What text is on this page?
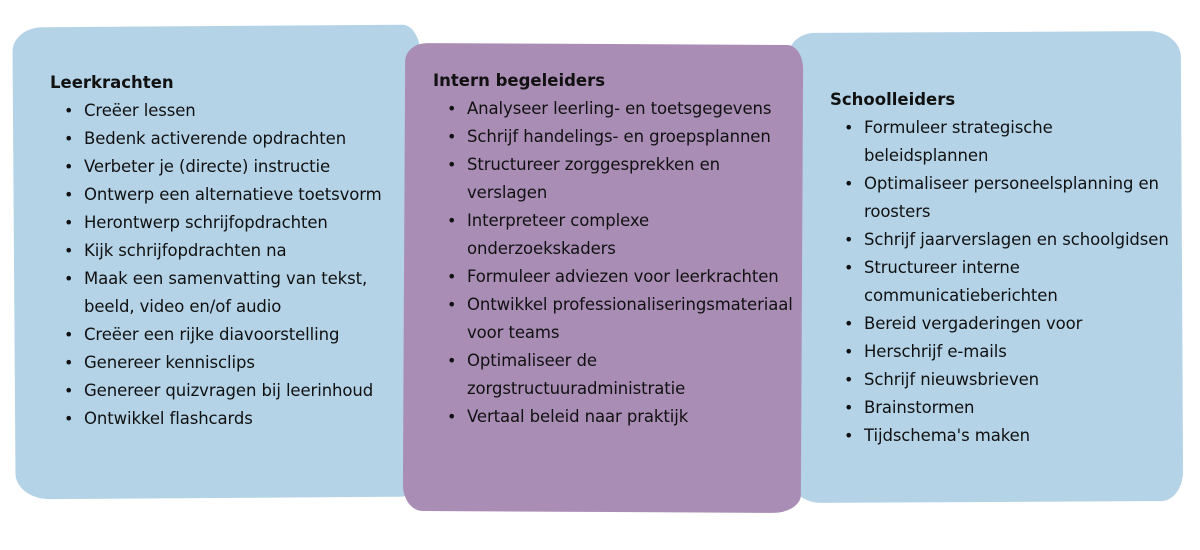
Leerkrachten
• Creëer lessen
• Bedenk activerende opdrachten
• Verbeter je (directe) instructie
• Ontwerp een alternatieve toetsvorm
• Herontwerp schrijfopdrachten
• Kijk schrijfopdrachten na
• Maak een samenvatting van tekst, beeld, video en/of audio
• Creëer een rijke diavoorstelling
• Genereer kennisclips
• Genereer quizvragen bij leerinhoud
• Ontwikkel flashcards
Intern begeleiders
• Analyseer leerling- en toetsgegevens
• Schrijf handelings- en groepsplannen
• Structureer zorggesprekken en verslagen
• Interpreteer complexe onderzoekskaders
• Formuleer adviezen voor leerkrachten
• Ontwikkel professionaliseringsmateriaal voor teams
• Optimaliseer de zorgstructuuradministratie
• Vertaal beleid naar praktijk
Schoolleiders
• Formuleer strategische beleidsplannen
• Optimaliseer personeelsplanning en roosters
• Schrijf jaarverslagen en schoolgidsen
• Structureer interne communicatieberichten
• Bereid vergaderingen voor
• Herschrijf e-mails
• Schrijf nieuwsbrieven
• Brainstormen
• Tijdschema's maken
